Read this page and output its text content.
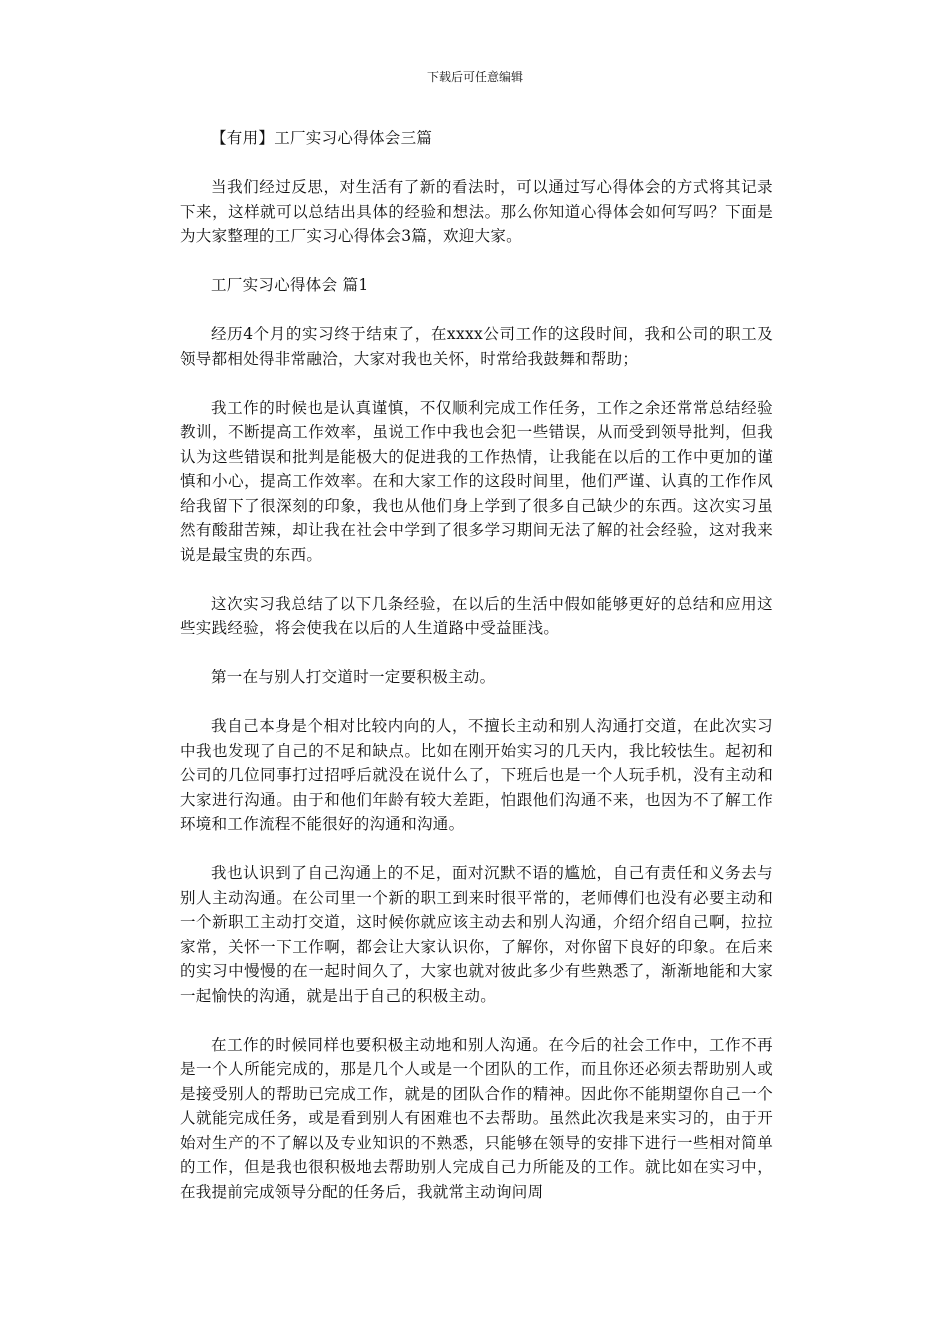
下载后可任意编辑

【有用】工厂实习心得体会三篇

当我们经过反思，对生活有了新的看法时，可以通过写心得体会的方式将其记录下来，这样就可以总结出具体的经验和想法。那么你知道心得体会如何写吗？下面是为大家整理的工厂实习心得体会3篇，欢迎大家。

工厂实习心得体会 篇1

经历4个月的实习终于结束了，在xxxx公司工作的这段时间，我和公司的职工及领导都相处得非常融洽，大家对我也关怀，时常给我鼓舞和帮助；

我工作的时候也是认真谨慎，不仅顺利完成工作任务，工作之余还常常总结经验教训，不断提高工作效率，虽说工作中我也会犯一些错误，从而受到领导批判，但我认为这些错误和批判是能极大的促进我的工作热情，让我能在以后的工作中更加的谨慎和小心，提高工作效率。在和大家工作的这段时间里，他们严谨、认真的工作作风给我留下了很深刻的印象，我也从他们身上学到了很多自己缺少的东西。这次实习虽然有酸甜苦辣，却让我在社会中学到了很多学习期间无法了解的社会经验，这对我来说是最宝贵的东西。

这次实习我总结了以下几条经验，在以后的生活中假如能够更好的总结和应用这些实践经验，将会使我在以后的人生道路中受益匪浅。

第一在与别人打交道时一定要积极主动。

我自己本身是个相对比较内向的人，不擅长主动和别人沟通打交道，在此次实习中我也发现了自己的不足和缺点。比如在刚开始实习的几天内，我比较怯生。起初和公司的几位同事打过招呼后就没在说什么了，下班后也是一个人玩手机，没有主动和大家进行沟通。由于和他们年龄有较大差距，怕跟他们沟通不来，也因为不了解工作环境和工作流程不能很好的沟通和沟通。

我也认识到了自己沟通上的不足，面对沉默不语的尴尬，自己有责任和义务去与别人主动沟通。在公司里一个新的职工到来时很平常的，老师傅们也没有必要主动和一个新职工主动打交道，这时候你就应该主动去和别人沟通，介绍介绍自己啊，拉拉家常，关怀一下工作啊，都会让大家认识你，了解你，对你留下良好的印象。在后来的实习中慢慢的在一起时间久了，大家也就对彼此多少有些熟悉了，渐渐地能和大家一起愉快的沟通，就是出于自己的积极主动。

在工作的时候同样也要积极主动地和别人沟通。在今后的社会工作中，工作不再是一个人所能完成的，那是几个人或是一个团队的工作，而且你还必须去帮助别人或是接受别人的帮助已完成工作，就是的团队合作的精神。因此你不能期望你自己一个人就能完成任务，或是看到别人有困难也不去帮助。虽然此次我是来实习的，由于开始对生产的不了解以及专业知识的不熟悉，只能够在领导的安排下进行一些相对简单的工作，但是我也很积极地去帮助别人完成自己力所能及的工作。就比如在实习中，在我提前完成领导分配的任务后，我就常主动询问周
